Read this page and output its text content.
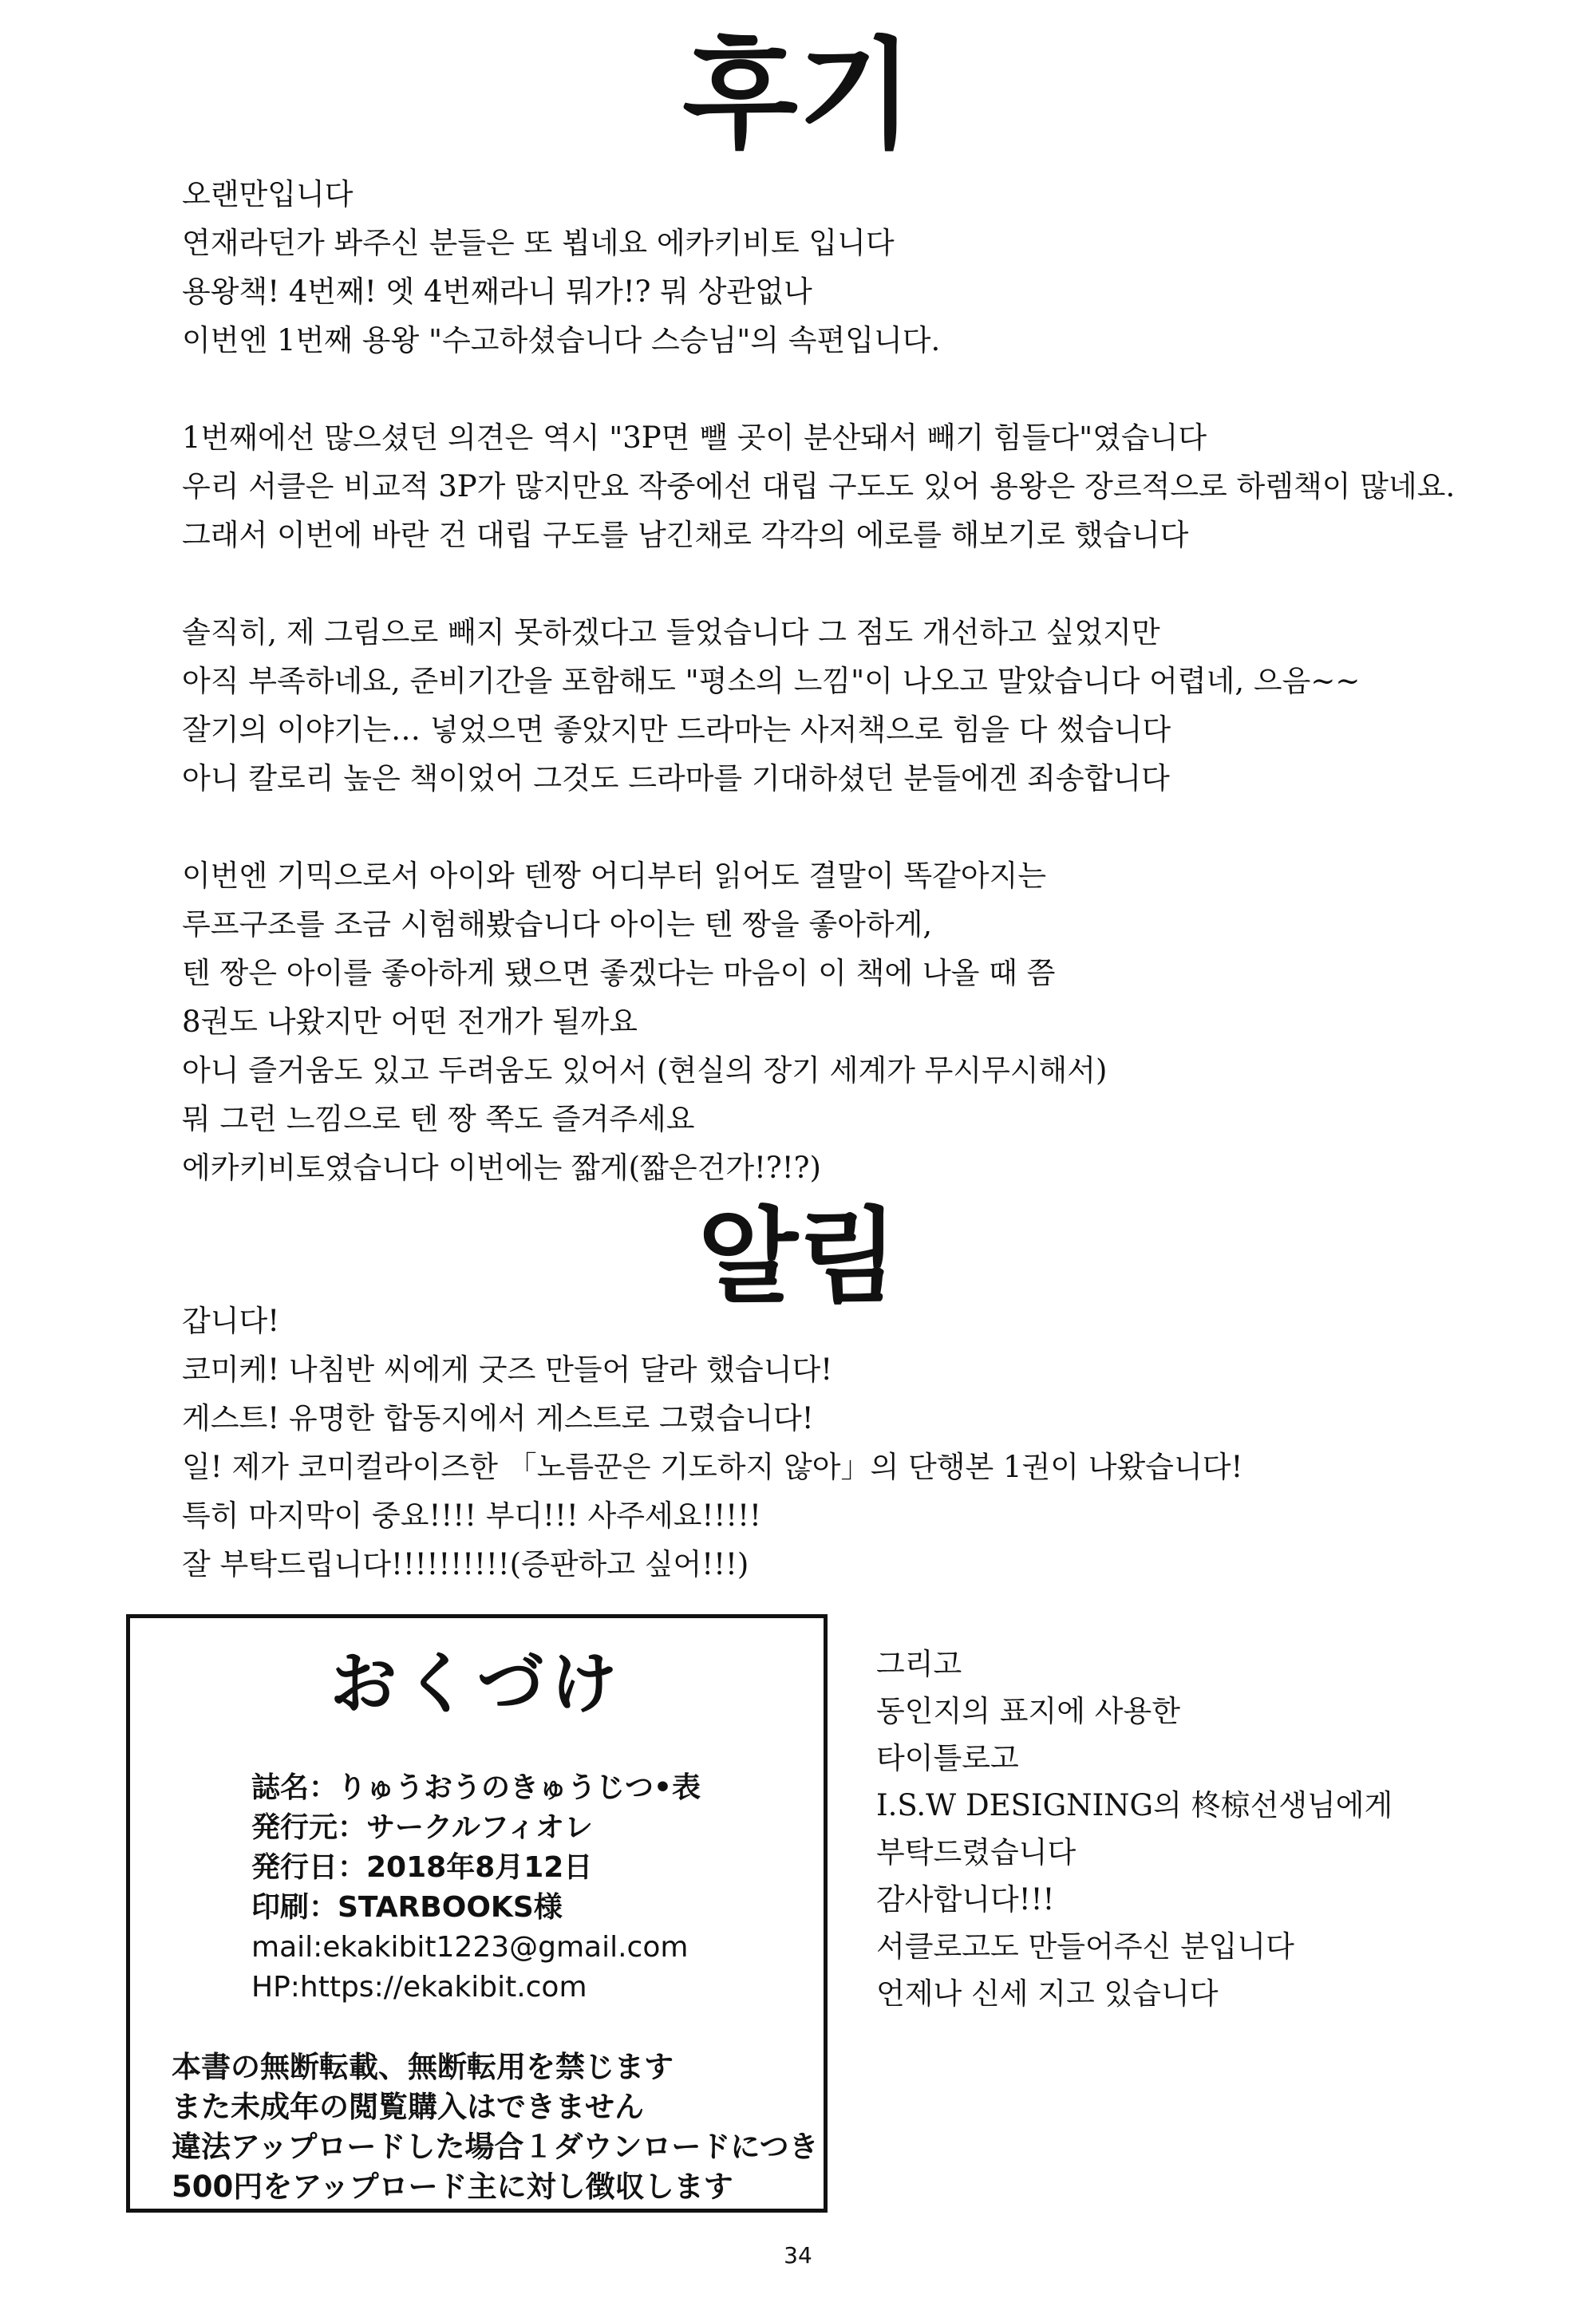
후기
오랜만입니다
연재라던가 봐주신 분들은 또 뵙네요 에카키비토 입니다
용왕책! 4번째! 엣 4번째라니 뭐가!? 뭐 상관없나
이번엔 1번째 용왕 "수고하셨습니다 스승님"의 속편입니다.
1번째에선 많으셨던 의견은 역시 "3P면 뺄 곳이 분산돼서 빼기 힘들다"였습니다
우리 서클은 비교적 3P가 많지만요 작중에선 대립 구도도 있어 용왕은 장르적으로 하렘책이 많네요.
그래서 이번에 바란 건 대립 구도를 남긴채로 각각의 에로를 해보기로 했습니다
솔직히, 제 그림으로 빼지 못하겠다고 들었습니다 그 점도 개선하고 싶었지만
아직 부족하네요, 준비기간을 포함해도 "평소의 느낌"이 나오고 말았습니다 어렵네, 으음~~
잘기의 이야기는… 넣었으면 좋았지만 드라마는 사저책으로 힘을 다 썼습니다
아니 칼로리 높은 책이었어 그것도 드라마를 기대하셨던 분들에겐 죄송합니다
이번엔 기믹으로서 아이와 텐짱 어디부터 읽어도 결말이 똑같아지는
루프구조를 조금 시험해봤습니다 아이는 텐 짱을 좋아하게,
텐 짱은 아이를 좋아하게 됐으면 좋겠다는 마음이 이 책에 나올 때 쯤
8권도 나왔지만 어떤 전개가 될까요
아니 즐거움도 있고 두려움도 있어서 (현실의 장기 세계가 무시무시해서)
뭐 그런 느낌으로 텐 짱 쪽도 즐겨주세요
에카키비토였습니다 이번에는 짧게(짧은건가!?!?)
알림
갑니다!
코미케! 나침반 씨에게 굿즈 만들어 달라 했습니다!
게스트! 유명한 합동지에서 게스트로 그렸습니다!
일! 제가 코미컬라이즈한 「노름꾼은 기도하지 않아」의 단행본 1권이 나왔습니다!
특히 마지막이 중요!!!! 부디!!! 사주세요!!!!!
잘 부탁드립니다!!!!!!!!!!(증판하고 싶어!!!)
おくづけ
誌名：りゅうおうのきゅうじつ•表
発行元：サークルフィオレ
発行日：2018年8月12日
印刷：STARBOOKS様
mail:ekakibit1223@gmail.com
HP:https://ekakibit.com
本書の無断転載、無断転用を禁じます
また未成年の閲覧購入はできません
違法アップロードした場合１ダウンロードにつき
500円をアップロード主に対し徴収します
그리고
동인지의 표지에 사용한
타이틀로고
I.S.W DESIGNING의 柊椋선생님에게
부탁드렸습니다
감사합니다!!!
서클로고도 만들어주신 분입니다
언제나 신세 지고 있습니다
34
